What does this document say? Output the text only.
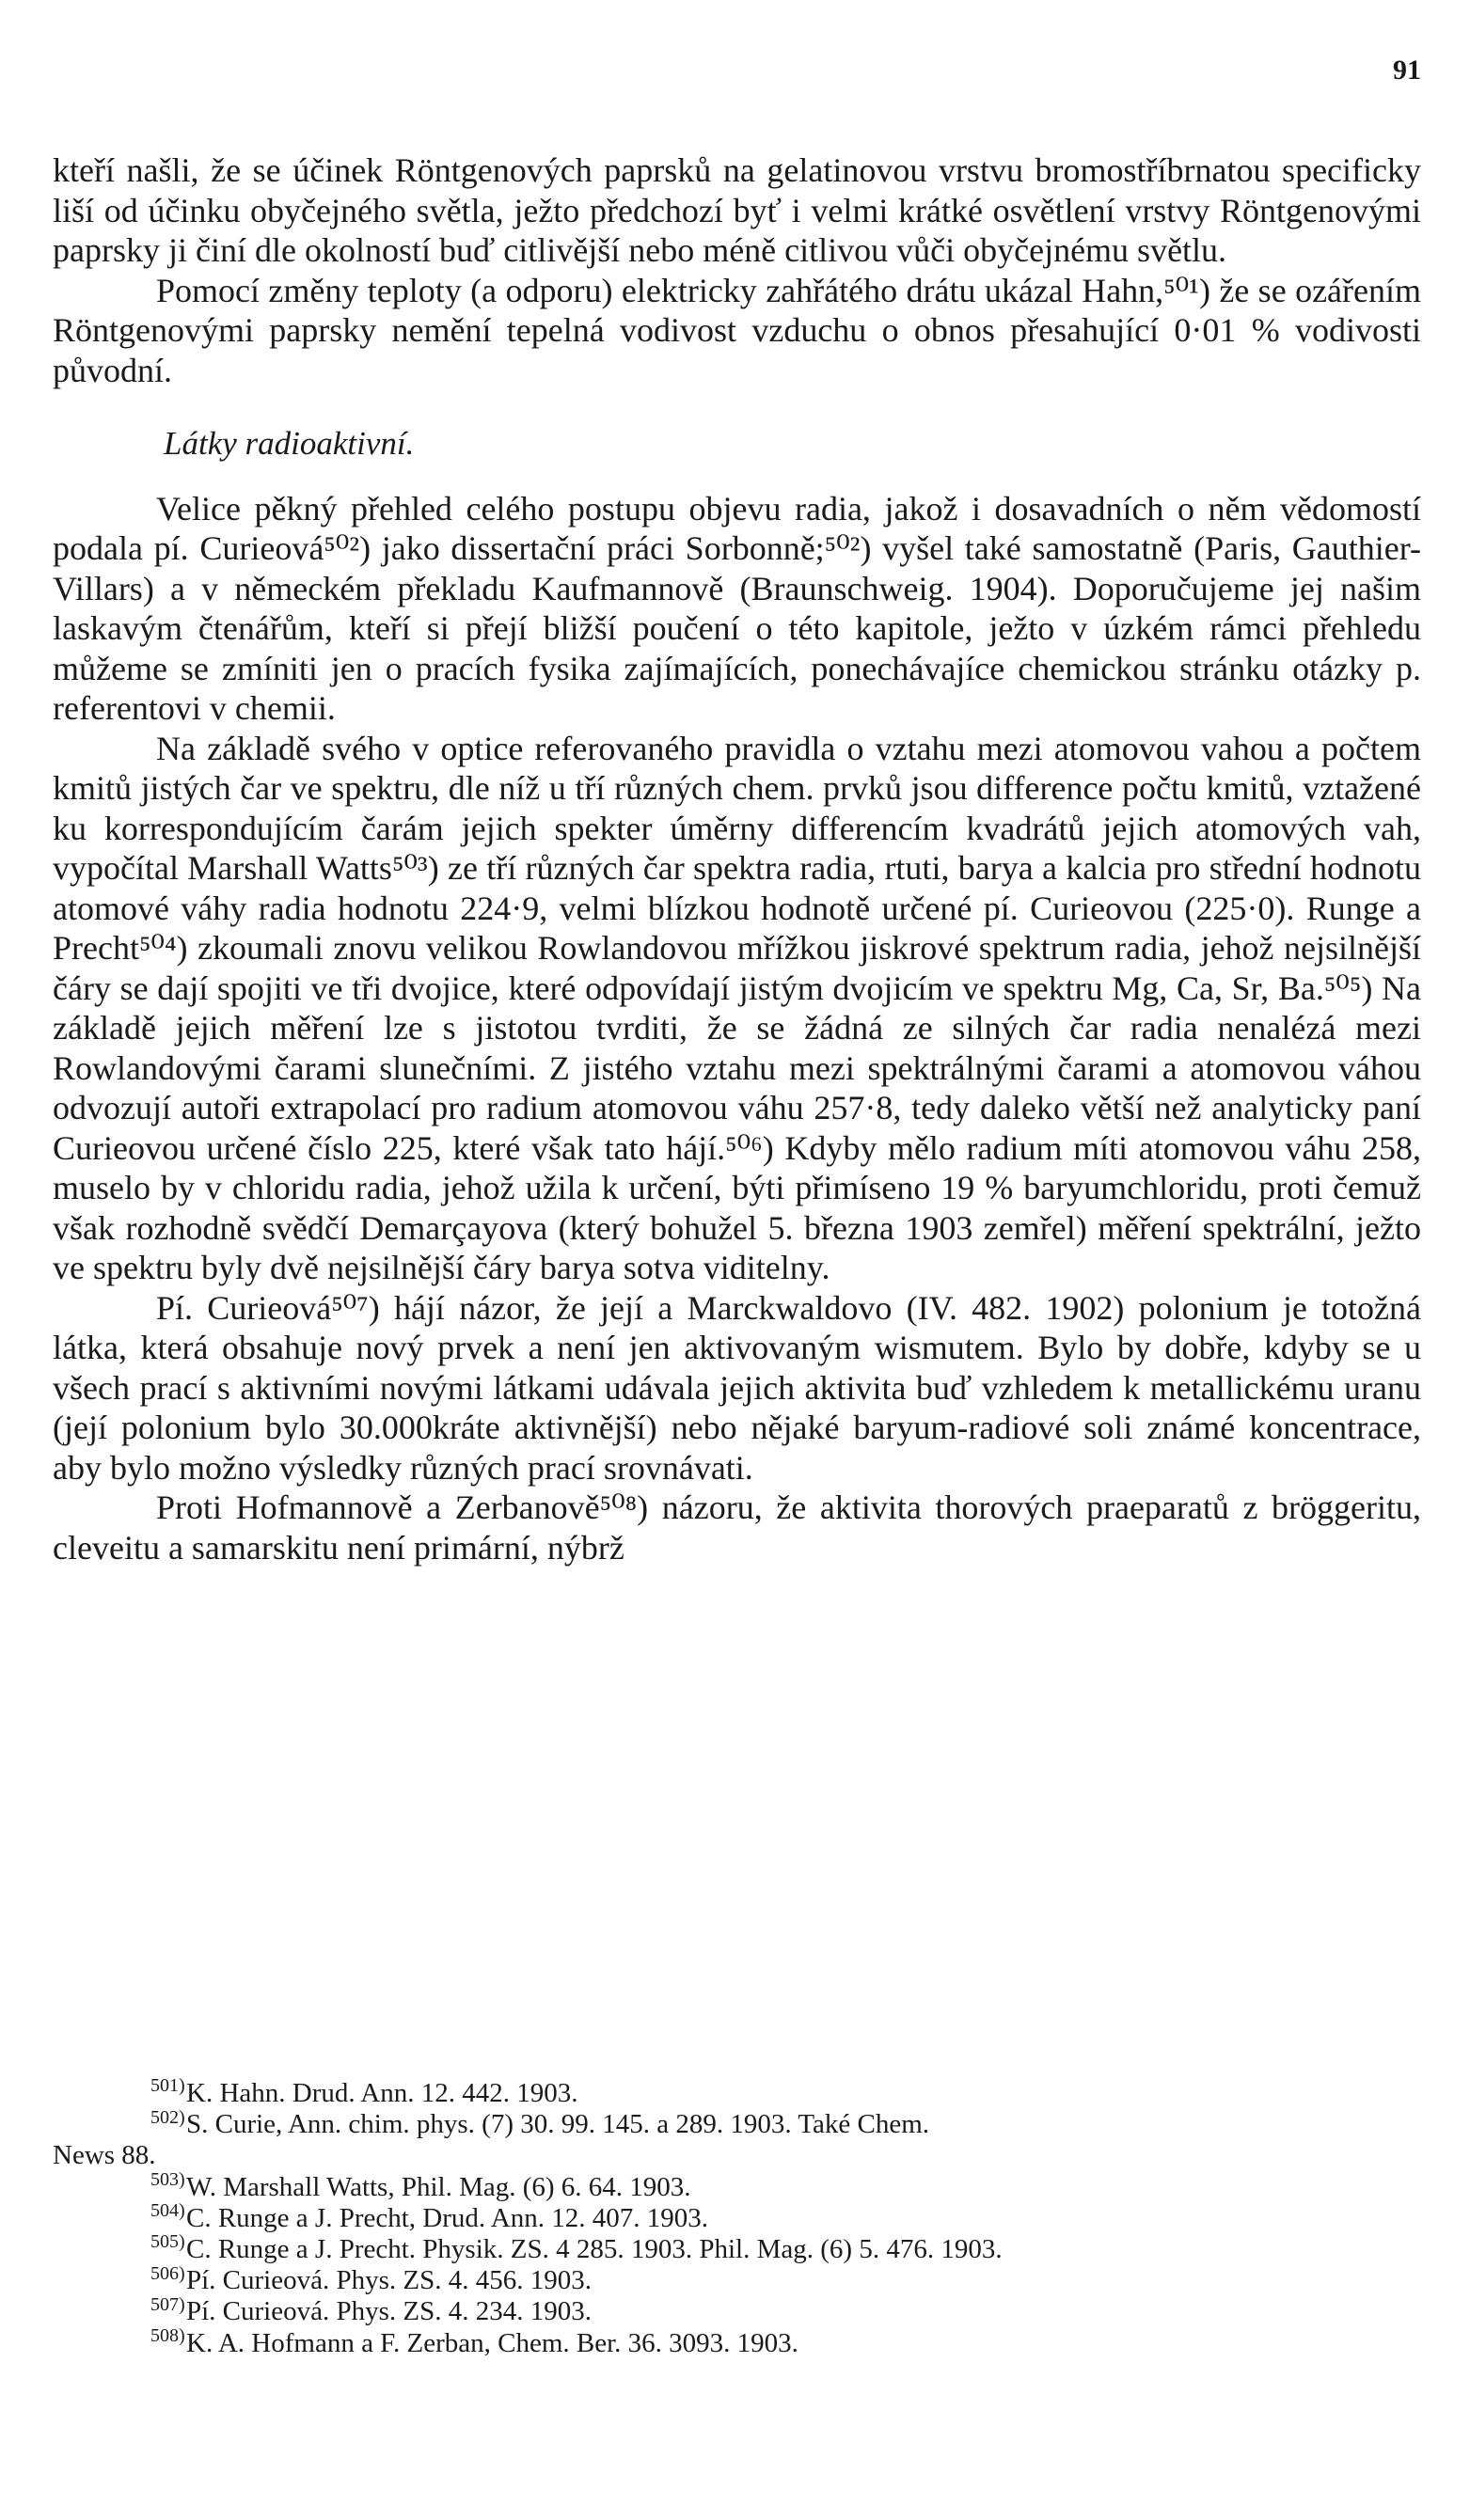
91

kteří našli, že se účinek Röntgenových paprsků na gelatinovou vrstvu bromostříbrnatou specificky liší od účinku obyčejného světla, ježto předchozí byť i velmi krátké osvětlení vrstvy Röntgenovými paprsky ji činí dle okolností buď citlivější nebo méně citlivou vůči obyčejnému světlu.

Pomocí změny teploty (a odporu) elektricky zahřátého drátu ukázal Hahn,⁵⁰¹) že se ozářením Röntgenovými paprsky nemění tepelná vodivost vzduchu o obnos přesahující 0·01 % vodivosti původní.

Látky radioaktivní.

Velice pěkný přehled celého postupu objevu radia, jakož i dosavadních o něm vědomostí podala pí. Curieová⁵⁰²) jako dissertační práci Sorbonně;⁵⁰²) vyšel také samostatně (Paris, Gauthier-Villars) a v německém překladu Kaufmannově (Braunschweig. 1904). Doporučujeme jej našim laskavým čtenářům, kteří si přejí bližší poučení o této kapitole, ježto v úzkém rámci přehledu můžeme se zmíniti jen o pracích fysika zajímajících, ponechávajíce chemickou stránku otázky p. referentovi v chemii.

Na základě svého v optice referovaného pravidla o vztahu mezi atomovou vahou a počtem kmitů jistých čar ve spektru, dle níž u tří různých chem. prvků jsou difference počtu kmitů, vztažené ku korrespondujícím čarám jejich spekter úměrny differencím kvadrátů jejich atomových vah, vypočítal Marshall Watts⁵⁰³) ze tří různých čar spektra radia, rtuti, barya a kalcia pro střední hodnotu atomové váhy radia hodnotu 224·9, velmi blízkou hodnotě určené pí. Curieovou (225·0). Runge a Precht⁵⁰⁴) zkoumali znovu velikou Rowlandovou mřížkou jiskrové spektrum radia, jehož nejsilnější čáry se dají spojiti ve tři dvojice, které odpovídají jistým dvojicím ve spektru Mg, Ca, Sr, Ba.⁵⁰⁵) Na základě jejich měření lze s jistotou tvrditi, že se žádná ze silných čar radia nenalézá mezi Rowlandovými čarami slunečními. Z jistého vztahu mezi spektrálnými čarami a atomovou váhou odvozují autoři extrapolací pro radium atomovou váhu 257·8, tedy daleko větší než analyticky paní Curieovou určené číslo 225, které však tato hájí.⁵⁰⁶) Kdyby mělo radium míti atomovou váhu 258, muselo by v chloridu radia, jehož užila k určení, býti přimíseno 19 % baryumchloridu, proti čemuž však rozhodně svědčí Demarçayova (který bohužel 5. března 1903 zemřel) měření spektrální, ježto ve spektru byly dvě nejsilnější čáry barya sotva viditelny.

Pí. Curieová⁵⁰⁷) hájí názor, že její a Marckwaldovo (IV. 482. 1902) polonium je totožná látka, která obsahuje nový prvek a není jen aktivovaným wismutem. Bylo by dobře, kdyby se u všech prací s aktivními novými látkami udávala jejich aktivita buď vzhledem k metallickému uranu (její polonium bylo 30.000kráte aktivnější) nebo nějaké baryum-radiové soli známé koncentrace, aby bylo možno výsledky různých prací srovnávati.

Proti Hofmannově a Zerbanově⁵⁰⁸) názoru, že aktivita thorových praeparatů z bröggeritu, cleveitu a samarskitu není primární, nýbrž

501)K. Hahn. Drud. Ann. 12. 442. 1903.

502)S. Curie, Ann. chim. phys. (7) 30. 99. 145. a 289. 1903. Také Chem.

News 88.

503)W. Marshall Watts, Phil. Mag. (6) 6. 64. 1903.

504)C. Runge a J. Precht, Drud. Ann. 12. 407. 1903.

505)C. Runge a J. Precht. Physik. ZS. 4 285. 1903. Phil. Mag. (6) 5. 476. 1903.

506)Pí. Curieová. Phys. ZS. 4. 456. 1903.

507)Pí. Curieová. Phys. ZS. 4. 234. 1903.

508)K. A. Hofmann a F. Zerban, Chem. Ber. 36. 3093. 1903.
